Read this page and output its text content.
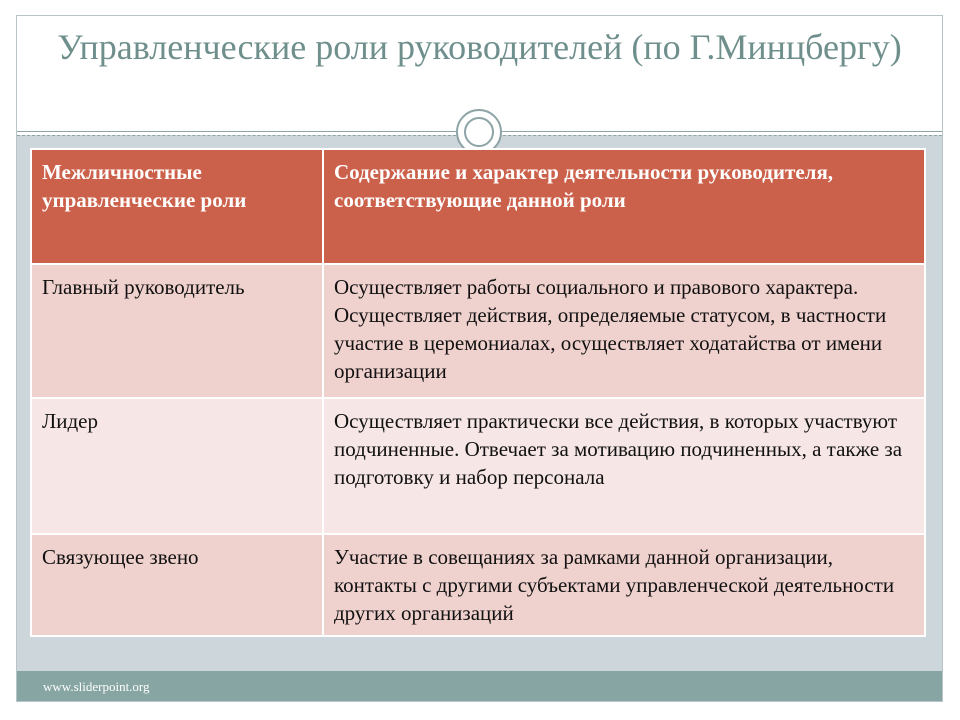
Управленческие роли руководителей (по Г.Минцбергу)
Межличностные управленческие роли	Содержание и характер деятельности руководителя, соответствующие данной роли
Главный руководитель	Осуществляет работы социального и правового характера. Осуществляет действия, определяемые статусом, в частности участие в церемониалах, осуществляет ходатайства от имени организации
Лидер	Осуществляет практически все действия, в которых участвуют подчиненные. Отвечает за мотивацию подчиненных, а также за подготовку и набор персонала
Связующее звено	Участие в совещаниях за рамками данной организации, контакты с другими субъектами управленческой деятельности других организаций
www.sliderpoint.org
